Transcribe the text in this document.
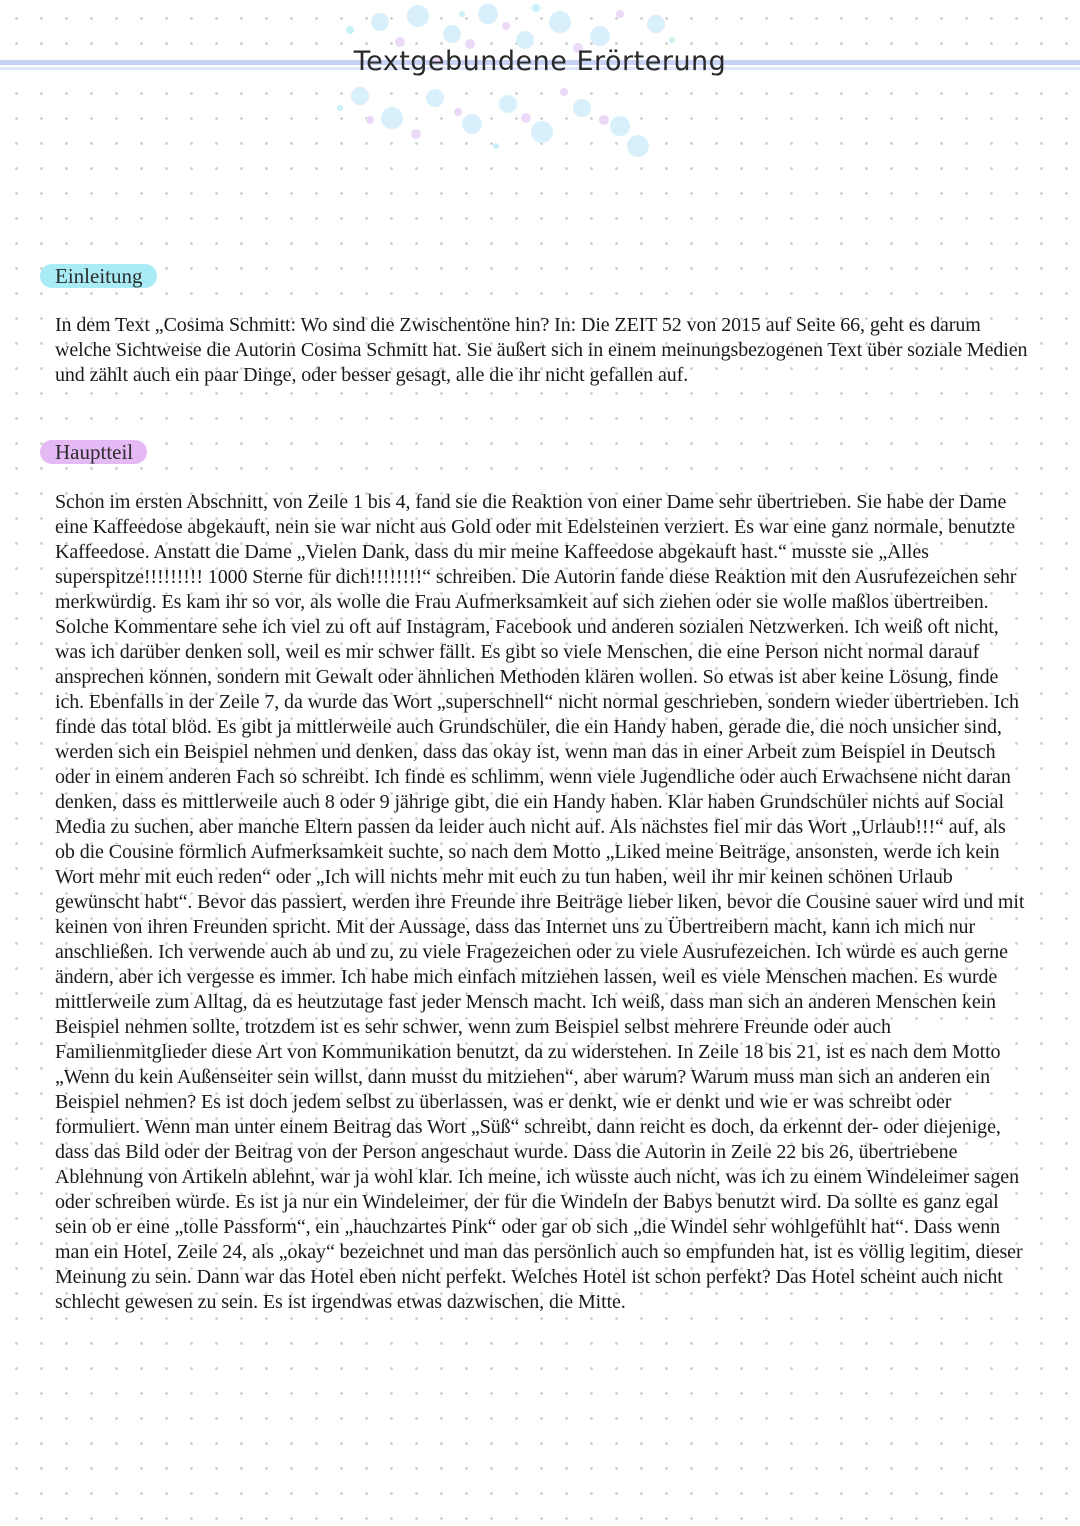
Textgebundene Erörterung
Einleitung

In dem Text „Cosima Schmitt: Wo sind die Zwischentöne hin? In: Die ZEIT 52 von 2015 auf Seite 66, geht es darum welche Sichtweise die Autorin Cosima Schmitt hat. Sie äußert sich in einem meinungsbezogenen Text über soziale Medien und zählt auch ein paar Dinge, oder besser gesagt, alle die ihr nicht gefallen auf.

Hauptteil

Schon im ersten Abschnitt, von Zeile 1 bis 4, fand sie die Reaktion von einer Dame sehr übertrieben. Sie habe der Dame eine Kaffeedose abgekauft, nein sie war nicht aus Gold oder mit Edelsteinen verziert. Es war eine ganz normale, benutzte Kaffeedose. Anstatt die Dame „Vielen Dank, dass du mir meine Kaffeedose abgekauft hast.“ musste sie „Alles superspitze!!!!!!!!! 1000 Sterne für dich!!!!!!!!“ schreiben. Die Autorin fande diese Reaktion mit den Ausrufezeichen sehr merkwürdig. Es kam ihr so vor, als wolle die Frau Aufmerksamkeit auf sich ziehen oder sie wolle maßlos übertreiben. Solche Kommentare sehe ich viel zu oft auf Instagram, Facebook und anderen sozialen Netzwerken. Ich weiß oft nicht, was ich darüber denken soll, weil es mir schwer fällt. Es gibt so viele Menschen, die eine Person nicht normal darauf ansprechen können, sondern mit Gewalt oder ähnlichen Methoden klären wollen. So etwas ist aber keine Lösung, finde ich. Ebenfalls in der Zeile 7, da wurde das Wort „superschnell“ nicht normal geschrieben, sondern wieder übertrieben. Ich finde das total blöd. Es gibt ja mittlerweile auch Grundschüler, die ein Handy haben, gerade die, die noch unsicher sind, werden sich ein Beispiel nehmen und denken, dass das okay ist, wenn man das in einer Arbeit zum Beispiel in Deutsch oder in einem anderen Fach so schreibt. Ich finde es schlimm, wenn viele Jugendliche oder auch Erwachsene nicht daran denken, dass es mittlerweile auch 8 oder 9 jährige gibt, die ein Handy haben. Klar haben Grundschüler nichts auf Social Media zu suchen, aber manche Eltern passen da leider auch nicht auf. Als nächstes fiel mir das Wort „Urlaub!!!“ auf, als ob die Cousine förmlich Aufmerksamkeit suchte, so nach dem Motto „Liked meine Beiträge, ansonsten, werde ich kein Wort mehr mit euch reden“ oder „Ich will nichts mehr mit euch zu tun haben, weil ihr mir keinen schönen Urlaub gewünscht habt“. Bevor das passiert, werden ihre Freunde ihre Beiträge lieber liken, bevor die Cousine sauer wird und mit keinen von ihren Freunden spricht. Mit der Aussage, dass das Internet uns zu Übertreibern macht, kann ich mich nur anschließen. Ich verwende auch ab und zu, zu viele Fragezeichen oder zu viele Ausrufezeichen. Ich würde es auch gerne ändern, aber ich vergesse es immer. Ich habe mich einfach mitziehen lassen, weil es viele Menschen machen. Es wurde mittlerweile zum Alltag, da es heutzutage fast jeder Mensch macht. Ich weiß, dass man sich an anderen Menschen kein Beispiel nehmen sollte, trotzdem ist es sehr schwer, wenn zum Beispiel selbst mehrere Freunde oder auch Familienmitglieder diese Art von Kommunikation benutzt, da zu widerstehen. In Zeile 18 bis 21, ist es nach dem Motto „Wenn du kein Außenseiter sein willst, dann musst du mitziehen“, aber warum? Warum muss man sich an anderen ein Beispiel nehmen? Es ist doch jedem selbst zu überlassen, was er denkt, wie er denkt und wie er was schreibt oder formuliert. Wenn man unter einem Beitrag das Wort „Süß“ schreibt, dann reicht es doch, da erkennt der- oder diejenige, dass das Bild oder der Beitrag von der Person angeschaut wurde. Dass die Autorin in Zeile 22 bis 26, übertriebene Ablehnung von Artikeln ablehnt, war ja wohl klar. Ich meine, ich wüsste auch nicht, was ich zu einem Windeleimer sagen oder schreiben würde. Es ist ja nur ein Windeleimer, der für die Windeln der Babys benutzt wird. Da sollte es ganz egal sein ob er eine „tolle Passform“, ein „hauchzartes Pink“ oder gar ob sich „die Windel sehr wohlgefühlt hat“. Dass wenn man ein Hotel, Zeile 24, als „okay“ bezeichnet und man das persönlich auch so empfunden hat, ist es völlig legitim, dieser Meinung zu sein. Dann war das Hotel eben nicht perfekt. Welches Hotel ist schon perfekt? Das Hotel scheint auch nicht schlecht gewesen zu sein. Es ist irgendwas etwas dazwischen, die Mitte.
